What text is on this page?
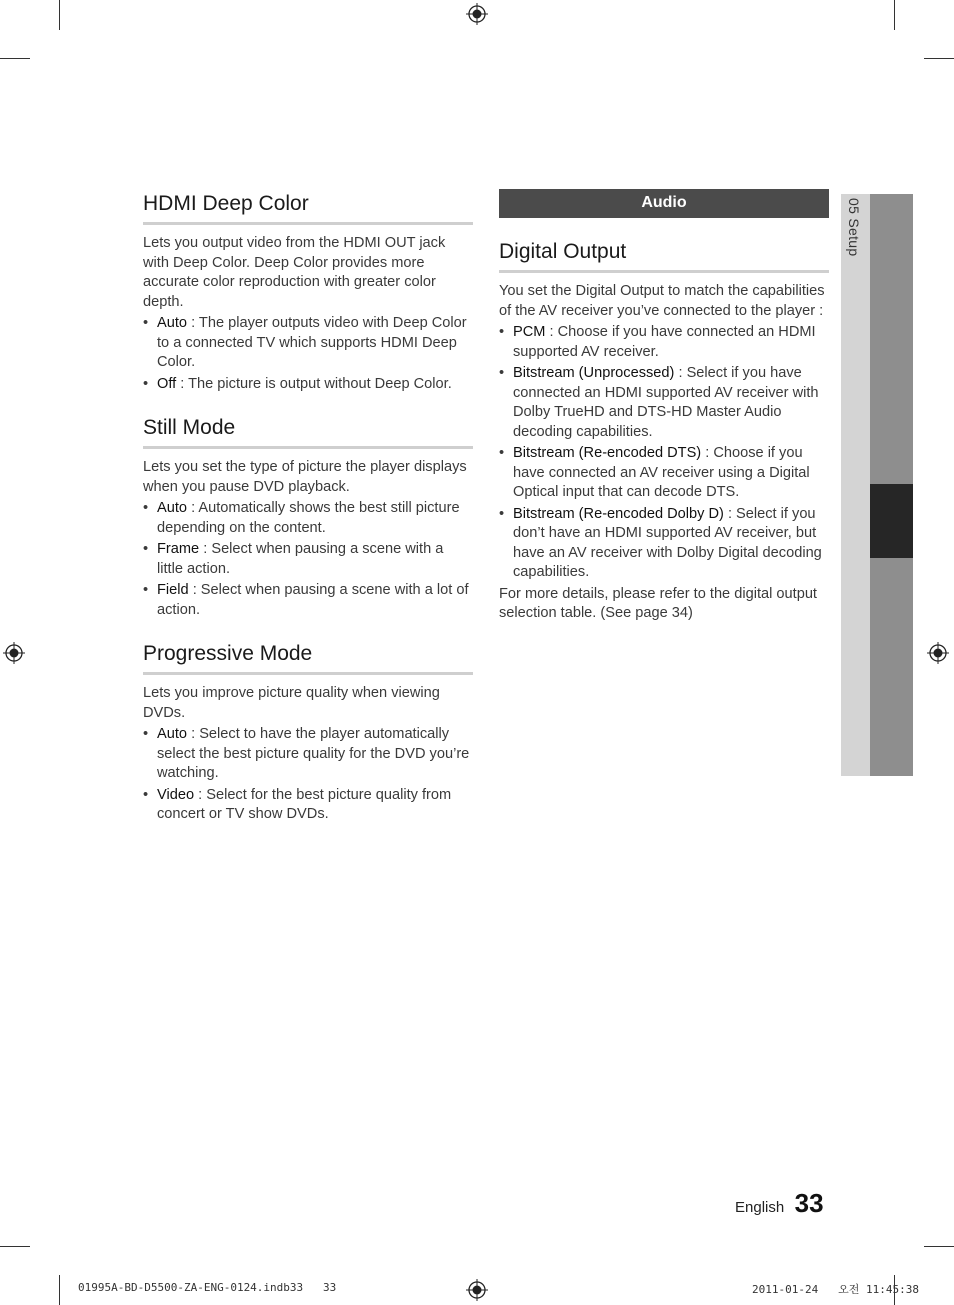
HDMI Deep Color

Lets you output video from the HDMI OUT jack with Deep Color. Deep Color provides more accurate color reproduction with greater color depth.

• Auto : The player outputs video with Deep Color to a connected TV which supports HDMI Deep Color.
• Off : The picture is output without Deep Color.
Still Mode

Lets you set the type of picture the player displays when you pause DVD playback.

• Auto : Automatically shows the best still picture depending on the content.
• Frame : Select when pausing a scene with a little action.
• Field : Select when pausing a scene with a lot of action.
Progressive Mode

Lets you improve picture quality when viewing DVDs.

• Auto : Select to have the player automatically select the best picture quality for the DVD you’re watching.
• Video : Select for the best picture quality from concert or TV show DVDs.
Audio
Digital Output

You set the Digital Output to match the capabilities of the AV receiver you’ve connected to the player :

• PCM : Choose if you have connected an HDMI supported AV receiver.
• Bitstream (Unprocessed) : Select if you have connected an HDMI supported AV receiver with Dolby TrueHD and DTS-HD Master Audio decoding capabilities.
• Bitstream (Re-encoded DTS) : Choose if you have connected an AV receiver using a Digital Optical input that can decode DTS.
• Bitstream (Re-encoded Dolby D) : Select if you don’t have an HDMI supported AV receiver, but have an AV receiver with Dolby Digital decoding capabilities.

For more details, please refer to the digital output selection table. (See page 34)

05 Setup
English 33
01995A-BD-D5500-ZA-ENG-0124.indb33   33	2011-01-24   오전 11:45:38
